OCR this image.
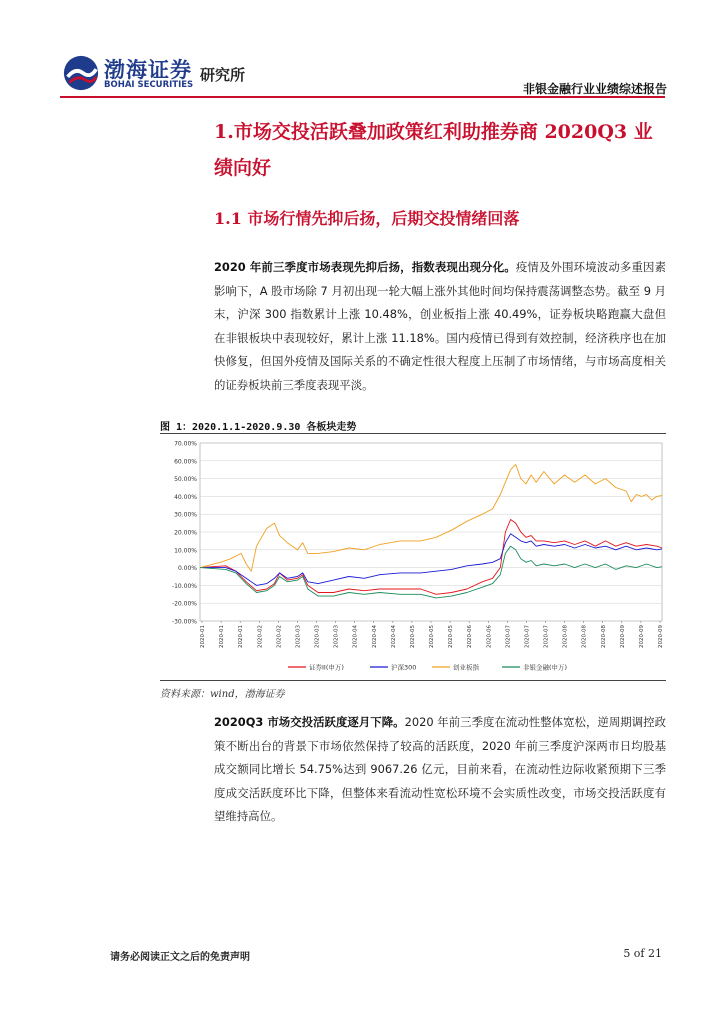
渤海证券
BOHAI SECURITIES
研究所
非银金融行业业绩综述报告
1.市场交投活跃叠加政策红利助推券商 2020Q3 业绩向好
1.1 市场行情先抑后扬，后期交投情绪回落
2020 年前三季度市场表现先抑后扬，指数表现出现分化。疫情及外围环境波动多重因素影响下，A 股市场除 7 月初出现一轮大幅上涨外其他时间均保持震荡调整态势。截至 9 月末，沪深 300 指数累计上涨 10.48%，创业板指上涨 40.49%，证券板块略跑赢大盘但在非银板块中表现较好，累计上涨 11.18%。国内疫情已得到有效控制，经济秩序也在加快修复，但国外疫情及国际关系的不确定性很大程度上压制了市场情绪，与市场高度相关的证券板块前三季度表现平淡。
图 1：2020.1.1-2020.9.30 各板块走势
70.00%
60.00%
50.00%
40.00%
30.00%
20.00%
10.00%
0.00%
-10.00%
-20.00%
-30.00%
2020-01 2020-01 2020-01 2020-02 2020-02 2020-03 2020-03 2020-03 2020-04 2020-04 2020-04 2020-05 2020-05 2020-05 2020-06 2020-06 2020-07 2020-07 2020-07 2020-08 2020-08 2020-08 2020-09 2020-09 2020-09
证券II(申万)	沪深300	创业板指	非银金融(申万)
资料来源：wind，渤海证券
2020Q3 市场交投活跃度逐月下降。2020 年前三季度在流动性整体宽松，逆周期调控政策不断出台的背景下市场依然保持了较高的活跃度，2020 年前三季度沪深两市日均股基成交额同比增长 54.75%达到 9067.26 亿元，目前来看，在流动性边际收紧预期下三季度成交活跃度环比下降，但整体来看流动性宽松环境不会实质性改变，市场交投活跃度有望维持高位。
请务必阅读正文之后的免责声明	5 of 21
